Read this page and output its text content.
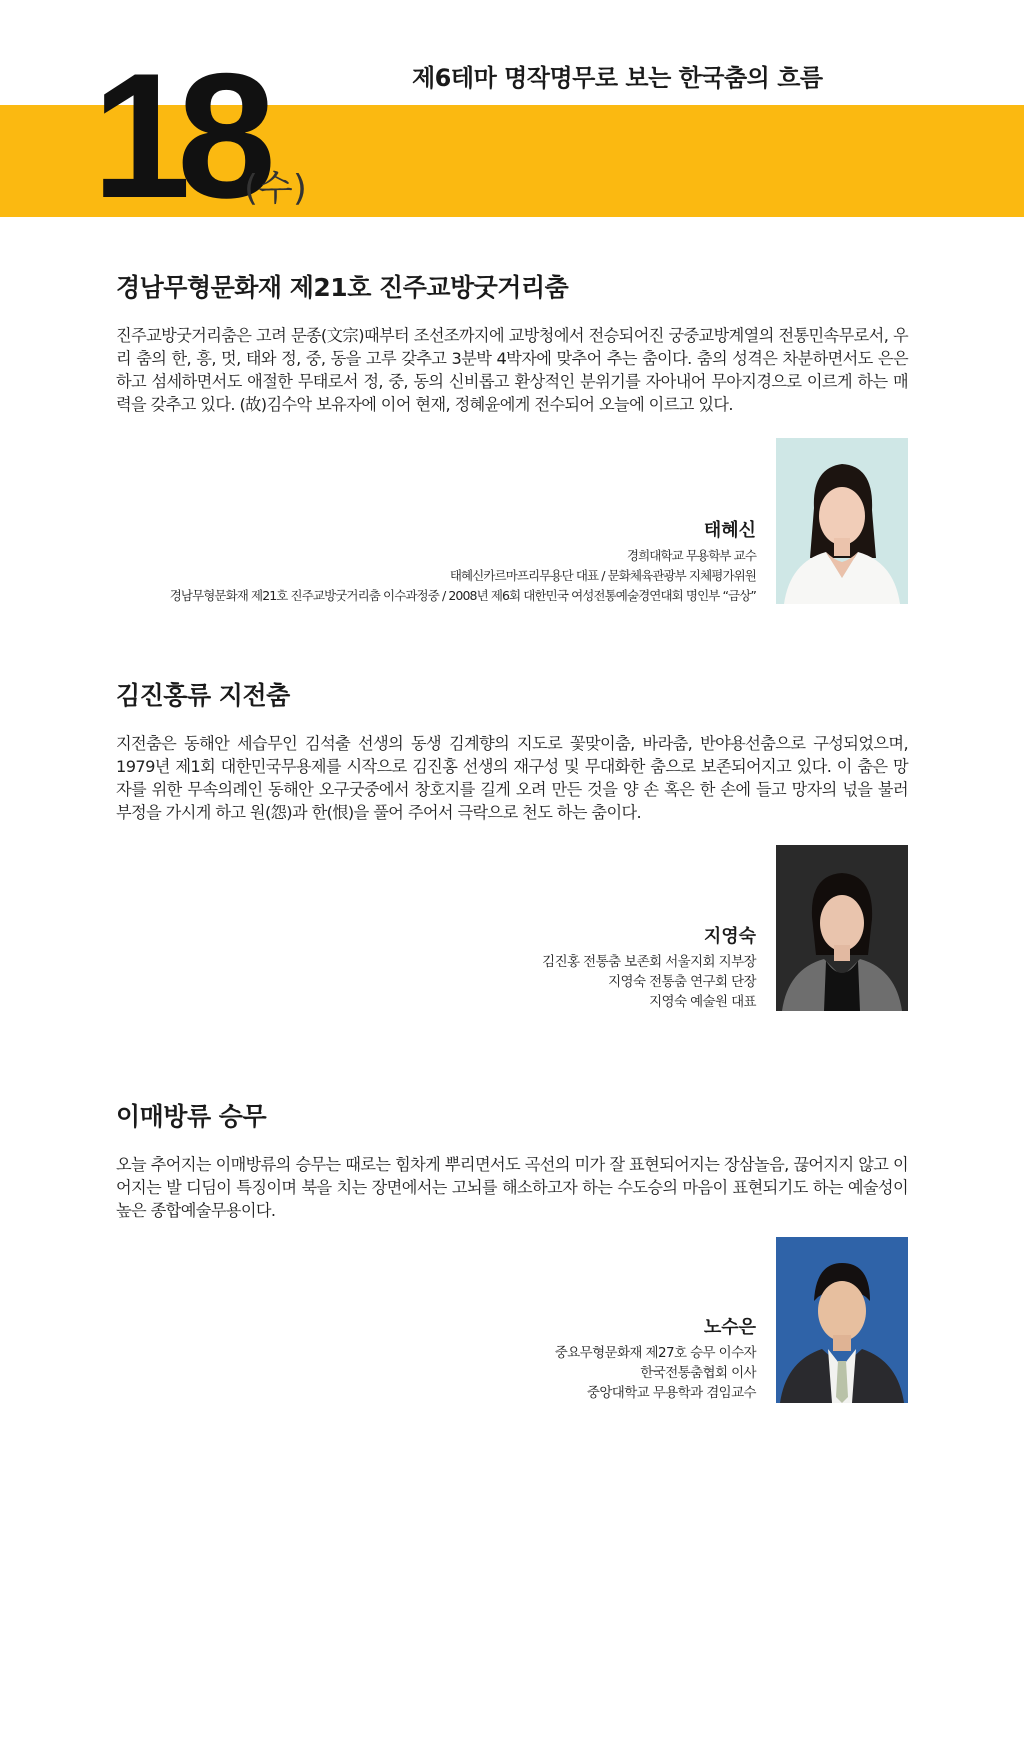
제6테마 명작명무로 보는 한국춤의 흐름
18
(수)
경남무형문화재 제21호 진주교방굿거리춤

진주교방굿거리춤은 고려 문종(文宗)때부터 조선조까지에 교방청에서 전승되어진 궁중교방계열의 전통민속무로서, 우리 춤의 한, 흥, 멋, 태와 정, 중, 동을 고루 갖추고 3분박 4박자에 맞추어 추는 춤이다. 춤의 성격은 차분하면서도 은은하고 섬세하면서도 애절한 무태로서 정, 중, 동의 신비롭고 환상적인 분위기를 자아내어 무아지경으로 이르게 하는 매력을 갖추고 있다. (故)김수악 보유자에 이어 현재, 정혜윤에게 전수되어 오늘에 이르고 있다.

태혜신
경희대학교 무용학부 교수
태혜신카르마프리무용단 대표 / 문화체육관광부 지체평가위원
경남무형문화재 제21호 진주교방굿거리춤 이수과정중 / 2008년 제6회 대한민국 여성전통예술경연대회 명인부 “금상”
김진홍류 지전춤

지전춤은 동해안 세습무인 김석출 선생의 동생 김계향의 지도로 꽃맞이춤, 바라춤, 반야용선춤으로 구성되었으며, 1979년 제1회 대한민국무용제를 시작으로 김진홍 선생의 재구성 및 무대화한 춤으로 보존되어지고 있다. 이 춤은 망자를 위한 무속의례인 동해안 오구굿중에서 창호지를 길게 오려 만든 것을 양 손 혹은 한 손에 들고 망자의 넋을 불러 부정을 가시게 하고 원(怨)과 한(恨)을 풀어 주어서 극락으로 천도 하는 춤이다.

지영숙
김진홍 전통춤 보존회 서울지회 지부장
지영숙 전통춤 연구회 단장
지영숙 예술원 대표
이매방류 승무

오늘 추어지는 이매방류의 승무는 때로는 힘차게 뿌리면서도 곡선의 미가 잘 표현되어지는 장삼놀음, 끊어지지 않고 이어지는 발 디딤이 특징이며 북을 치는 장면에서는 고뇌를 해소하고자 하는 수도승의 마음이 표현되기도 하는 예술성이 높은 종합예술무용이다.

노수은
중요무형문화재 제27호 승무 이수자
한국전통춤협회 이사
중앙대학교 무용학과 겸임교수
